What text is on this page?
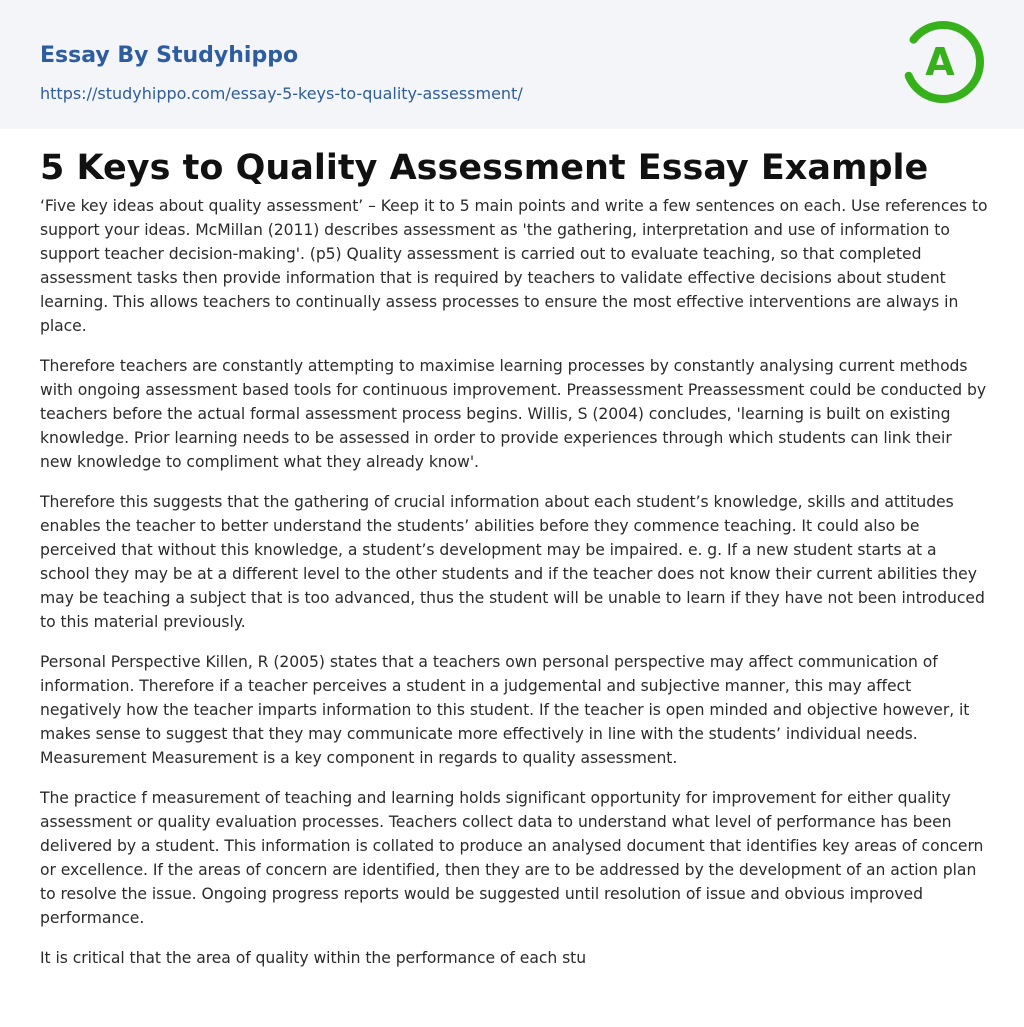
Essay By Studyhippo
https://studyhippo.com/essay-5-keys-to-quality-assessment/
A
5 Keys to Quality Assessment Essay Example

‘Five key ideas about quality assessment’ – Keep it to 5 main points and write a few sentences on each. Use references to support your ideas. McMillan (2011) describes assessment as 'the gathering, interpretation and use of information to support teacher decision-making'. (p5) Quality assessment is carried out to evaluate teaching, so that completed assessment tasks then provide information that is required by teachers to validate effective decisions about student learning. This allows teachers to continually assess processes to ensure the most effective interventions are always in place.

Therefore teachers are constantly attempting to maximise learning processes by constantly analysing current methods with ongoing assessment based tools for continuous improvement. Preassessment Preassessment could be conducted by teachers before the actual formal assessment process begins. Willis, S (2004) concludes, 'learning is built on existing knowledge. Prior learning needs to be assessed in order to provide experiences through which students can link their new knowledge to compliment what they already know'.

Therefore this suggests that the gathering of crucial information about each student’s knowledge, skills and attitudes enables the teacher to better understand the students’ abilities before they commence teaching. It could also be perceived that without this knowledge, a student’s development may be impaired. e. g. If a new student starts at a school they may be at a different level to the other students and if the teacher does not know their current abilities they may be teaching a subject that is too advanced, thus the student will be unable to learn if they have not been introduced to this material previously.

Personal Perspective Killen, R (2005) states that a teachers own personal perspective may affect communication of information. Therefore if a teacher perceives a student in a judgemental and subjective manner, this may affect negatively how the teacher imparts information to this student. If the teacher is open minded and objective however, it makes sense to suggest that they may communicate more effectively in line with the students’ individual needs. Measurement Measurement is a key component in regards to quality assessment.

The practice f measurement of teaching and learning holds significant opportunity for improvement for either quality assessment or quality evaluation processes. Teachers collect data to understand what level of performance has been delivered by a student. This information is collated to produce an analysed document that identifies key areas of concern or excellence. If the areas of concern are identified, then they are to be addressed by the development of an action plan to resolve the issue. Ongoing progress reports would be suggested until resolution of issue and obvious improved performance.

It is critical that the area of quality within the performance of each stu
